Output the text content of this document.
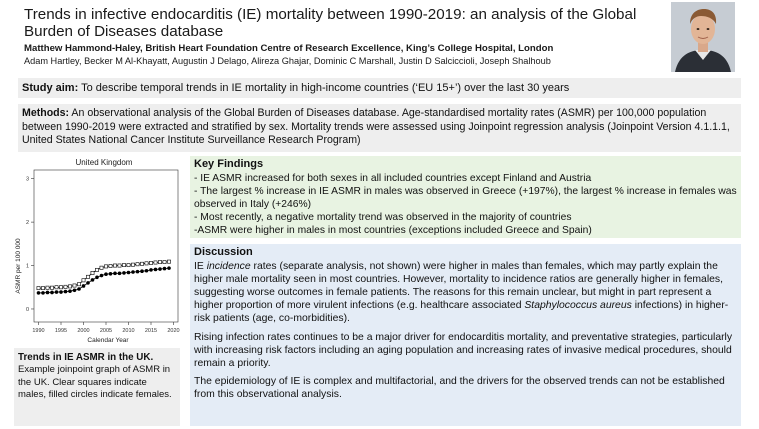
Trends in infective endocarditis (IE) mortality between 1990-2019: an analysis of the Global Burden of Diseases database
Matthew Hammond-Haley, British Heart Foundation Centre of Research Excellence, King’s College Hospital, London
Adam Hartley, Becker M Al-Khayatt, Augustin J Delago, Alireza Ghajar, Dominic C Marshall, Justin D Salciccioli, Joseph Shalhoub
Study aim: To describe temporal trends in IE mortality in high-income countries (‘EU 15+’) over the last 30 years
Methods: An observational analysis of the Global Burden of Diseases database. Age-standardised mortality rates (ASMR) per 100,000 population between 1990-2019 were extracted and stratified by sex. Mortality trends were assessed using Joinpoint regression analysis (Joinpoint Version 4.1.1.1, United States National Cancer Institute Surveillance Research Program)
United Kingdom
1990 1995 2000 2005 2010 2015 2020
0
1
2
3
Calendar Year
ASMR per 100 000
Trends in IE ASMR in the UK. Example joinpoint graph of ASMR in the UK. Clear squares indicate males, filled circles indicate females.
Key Findings
- IE ASMR increased for both sexes in all included countries except Finland and Austria
- The largest % increase in IE ASMR in males was observed in Greece (+197%), the largest % increase in females was observed in Italy (+246%)
- Most recently, a negative mortality trend was observed in the majority of countries
-ASMR were higher in males in most countries (exceptions included Greece and Spain)
Discussion

IE incidence rates (separate analysis, not shown) were higher in males than females, which may partly explain the higher male mortality seen in most countries. However, mortality to incidence ratios are generally higher in females, suggesting worse outcomes in female patients. The reasons for this remain unclear, but might in part represent a higher proportion of more virulent infections (e.g. healthcare associated Staphylococcus aureus infections) in higher-risk patients (age, co-morbidities).

Rising infection rates continues to be a major driver for endocarditis mortality, and preventative strategies, particularly with increasing risk factors including an aging population and increasing rates of invasive medical procedures, should remain a priority.

The epidemiology of IE is complex and multifactorial, and the drivers for the observed trends can not be established from this observational analysis.
